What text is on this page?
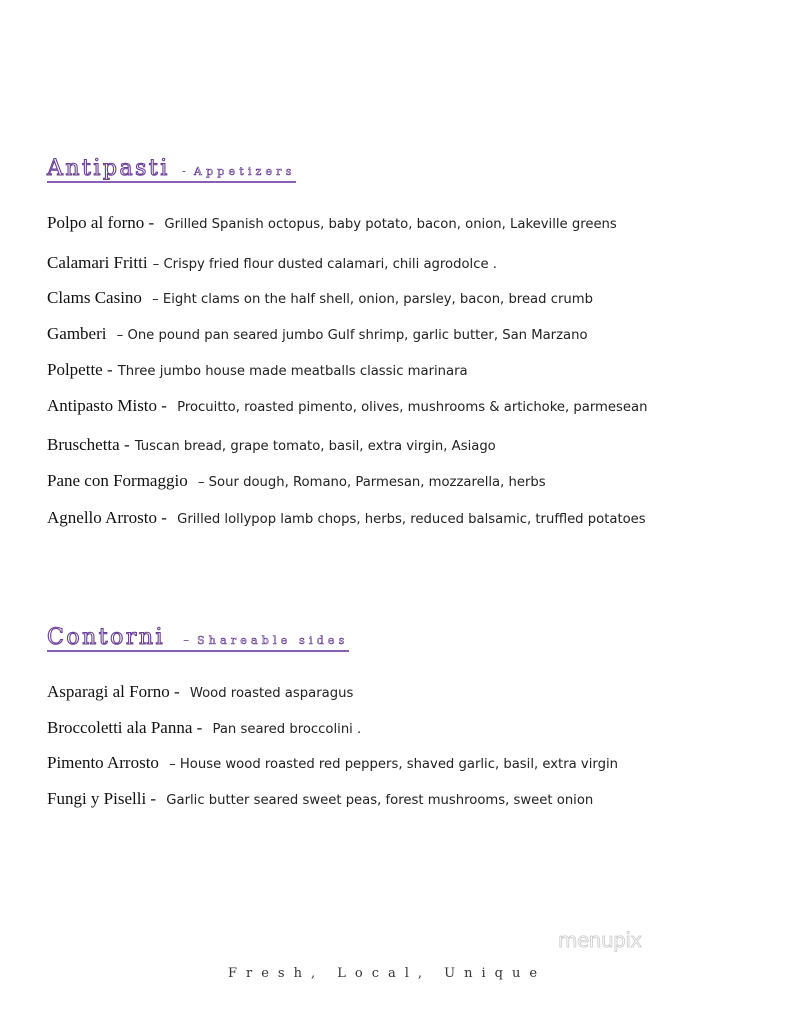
Antipasti - Appetizers
Polpo al forno - Grilled Spanish octopus, baby potato, bacon, onion, Lakeville greens
Calamari Fritti – Crispy fried flour dusted calamari, chili agrodolce .
Clams Casino – Eight clams on the half shell, onion, parsley, bacon, bread crumb
Gamberi – One pound pan seared jumbo Gulf shrimp, garlic butter, San Marzano
Polpette - Three jumbo house made meatballs classic marinara
Antipasto Misto - Procuitto, roasted pimento, olives, mushrooms & artichoke, parmesean
Bruschetta - Tuscan bread, grape tomato, basil, extra virgin, Asiago
Pane con Formaggio – Sour dough, Romano, Parmesan, mozzarella, herbs
Agnello Arrosto - Grilled lollypop lamb chops, herbs, reduced balsamic, truffled potatoes
Contorni – Shareable sides
Asparagi al Forno - Wood roasted asparagus
Broccoletti ala Panna - Pan seared broccolini .
Pimento Arrosto – House wood roasted red peppers, shaved garlic, basil, extra virgin
Fungi y Piselli - Garlic butter seared sweet peas, forest mushrooms, sweet onion
menupix
Fresh, Local, Unique
